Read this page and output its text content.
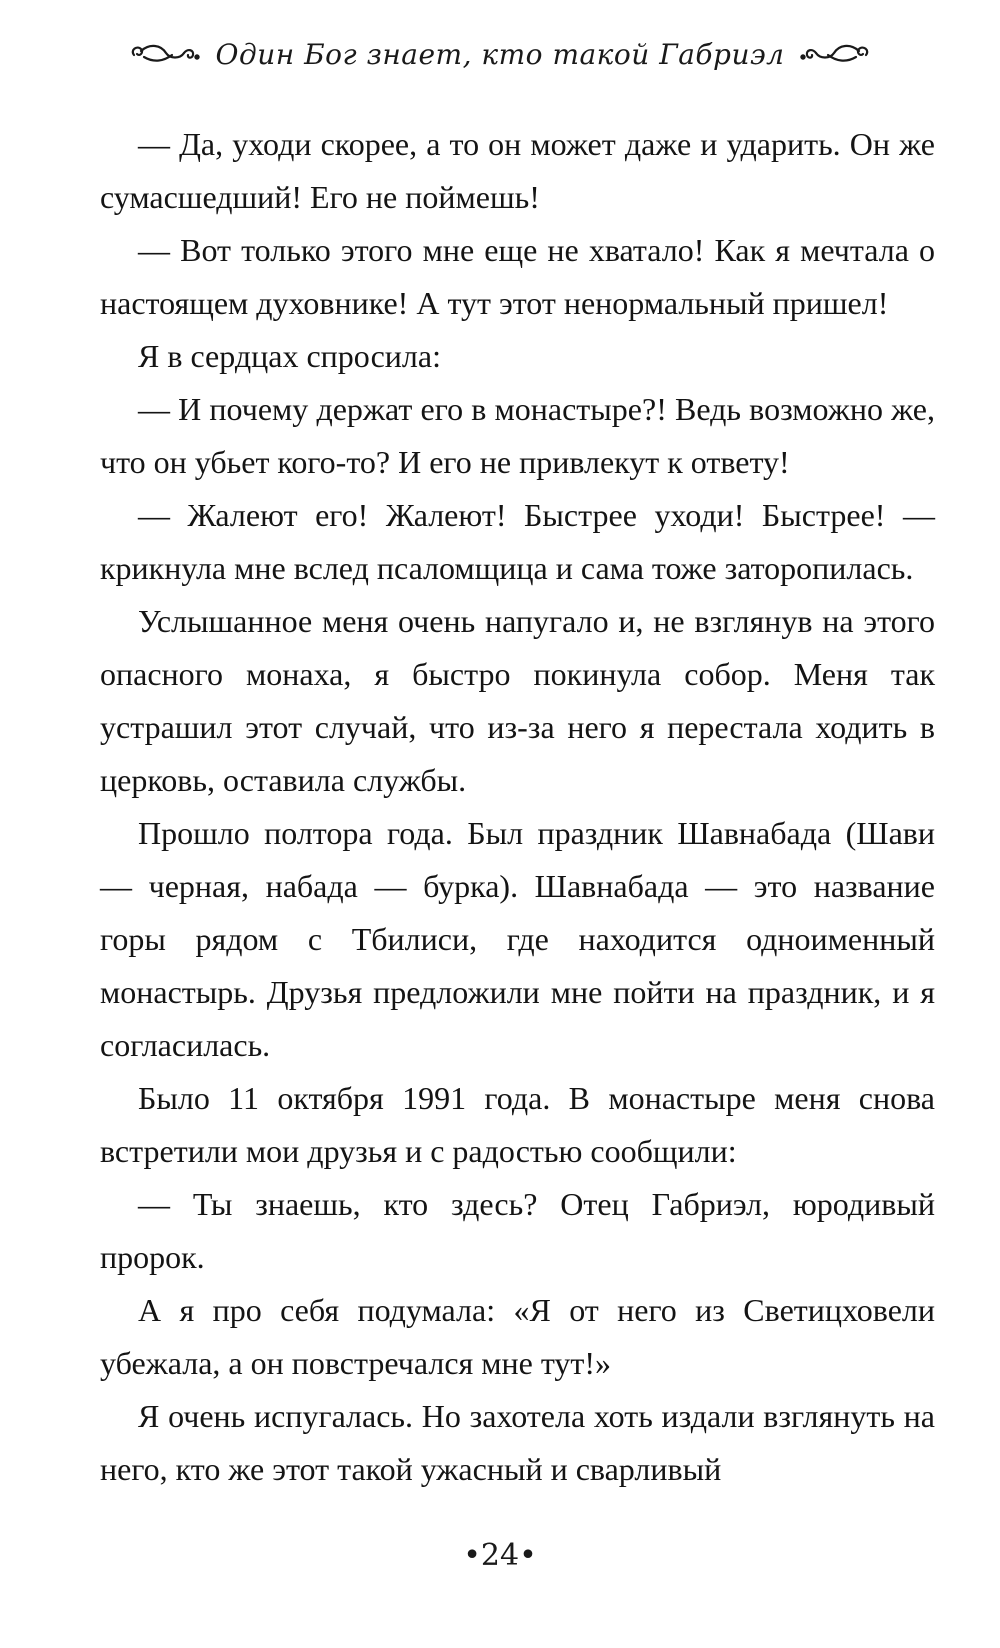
Один Бог знает, кто такой Габриэл

— Да, уходи скорее, а то он может даже и ударить. Он же сумасшедший! Его не поймешь!

— Вот только этого мне еще не хватало! Как я мечтала о настоящем духовнике! А тут этот ненормальный пришел!

Я в сердцах спросила:

— И почему держат его в монастыре?! Ведь возможно же, что он убьет кого-то? И его не привлекут к ответу!

— Жалеют его! Жалеют! Быстрее уходи! Быстрее! — крикнула мне вслед псаломщица и сама тоже заторопилась.

Услышанное меня очень напугало и, не взглянув на этого опасного монаха, я быстро покинула собор. Меня так устрашил этот случай, что из-за него я перестала ходить в церковь, оставила службы.

Прошло полтора года. Был праздник Шавнабада (Шави — черная, набада — бурка). Шавнабада — это название горы рядом с Тбилиси, где находится одноименный монастырь. Друзья предложили мне пойти на праздник, и я согласилась.

Было 11 октября 1991 года. В монастыре меня снова встретили мои друзья и с радостью сообщили:

— Ты знаешь, кто здесь? Отец Габриэл, юродивый пророк.

А я про себя подумала: «Я от него из Светицховели убежала, а он повстречался мне тут!»

Я очень испугалась. Но захотела хоть издали взглянуть на него, кто же этот такой ужасный и сварливый

•24•
